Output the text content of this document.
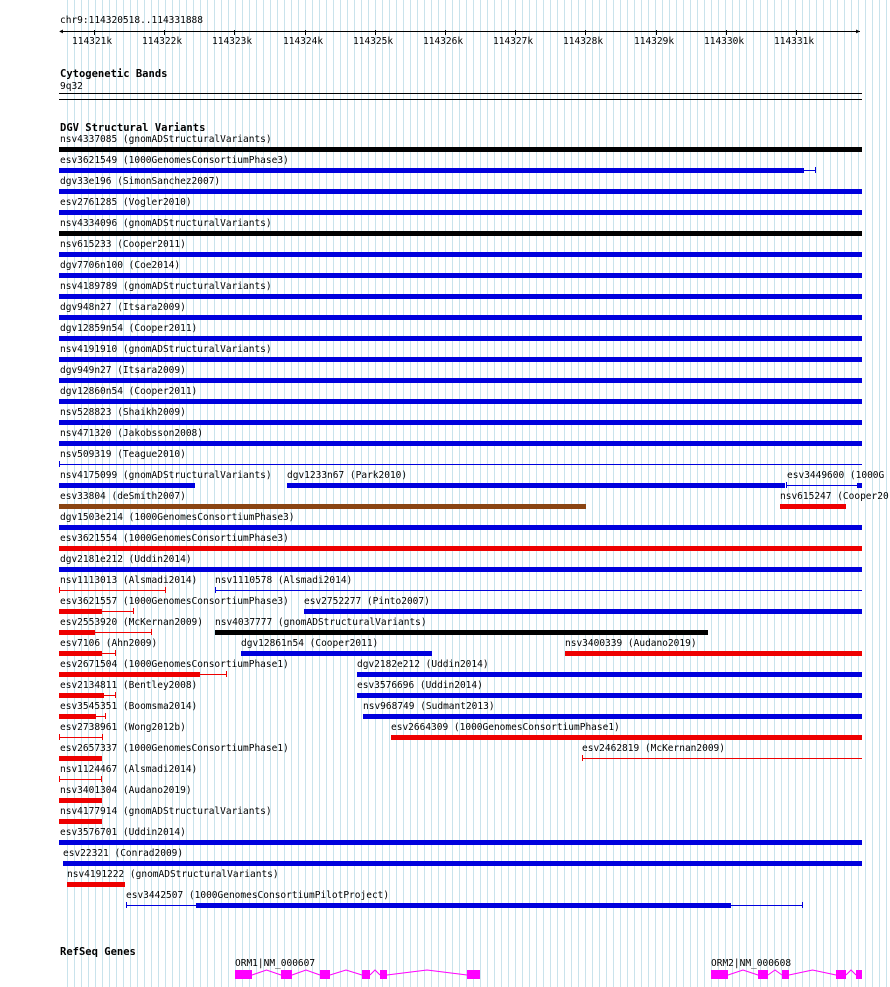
chr9:114320518..114331888
◂	▸
114321k	114322k	114323k	114324k	114325k	114326k	114327k	114328k	114329k	114330k	114331k
Cytogenetic Bands
9q32
DGV Structural Variants
nsv4337085 (gnomADStructuralVariants)
esv3621549 (1000GenomesConsortiumPhase3)
dgv33e196 (SimonSanchez2007)
esv2761285 (Vogler2010)
nsv4334096 (gnomADStructuralVariants)
nsv615233 (Cooper2011)
dgv7706n100 (Coe2014)
nsv4189789 (gnomADStructuralVariants)
dgv948n27 (Itsara2009)
dgv12859n54 (Cooper2011)
nsv4191910 (gnomADStructuralVariants)
dgv949n27 (Itsara2009)
dgv12860n54 (Cooper2011)
nsv528823 (Shaikh2009)
nsv471320 (Jakobsson2008)
nsv509319 (Teague2010)
nsv4175099 (gnomADStructuralVariants) dgv1233n67 (Park2010)	esv3449600 (1000G
esv33804 (deSmith2007)	nsv615247 (Cooper20
dgv1503e214 (1000GenomesConsortiumPhase3)
esv3621554 (1000GenomesConsortiumPhase3)
dgv2181e212 (Uddin2014)
nsv1113013 (Alsmadi2014) nsv1110578 (Alsmadi2014)
esv3621557 (1000GenomesConsortiumPhase3) esv2752277 (Pinto2007)
esv2553920 (McKernan2009) nsv4037777 (gnomADStructuralVariants)
esv7106 (Ahn2009)	dgv12861n54 (Cooper2011)	nsv3400339 (Audano2019)
esv2671504 (1000GenomesConsortiumPhase1)	dgv2182e212 (Uddin2014)
esv2134811 (Bentley2008)	esv3576696 (Uddin2014)
esv3545351 (Boomsma2014)	nsv968749 (Sudmant2013)
esv2738961 (Wong2012b)	esv2664309 (1000GenomesConsortiumPhase1)
esv2657337 (1000GenomesConsortiumPhase1)	esv2462819 (McKernan2009)
nsv1124467 (Alsmadi2014)
nsv3401304 (Audano2019)
nsv4177914 (gnomADStructuralVariants)
esv3576701 (Uddin2014)
esv22321 (Conrad2009)
nsv4191222 (gnomADStructuralVariants)
esv3442507 (1000GenomesConsortiumPilotProject)
RefSeq Genes
ORM1|NM_000607	ORM2|NM_000608
